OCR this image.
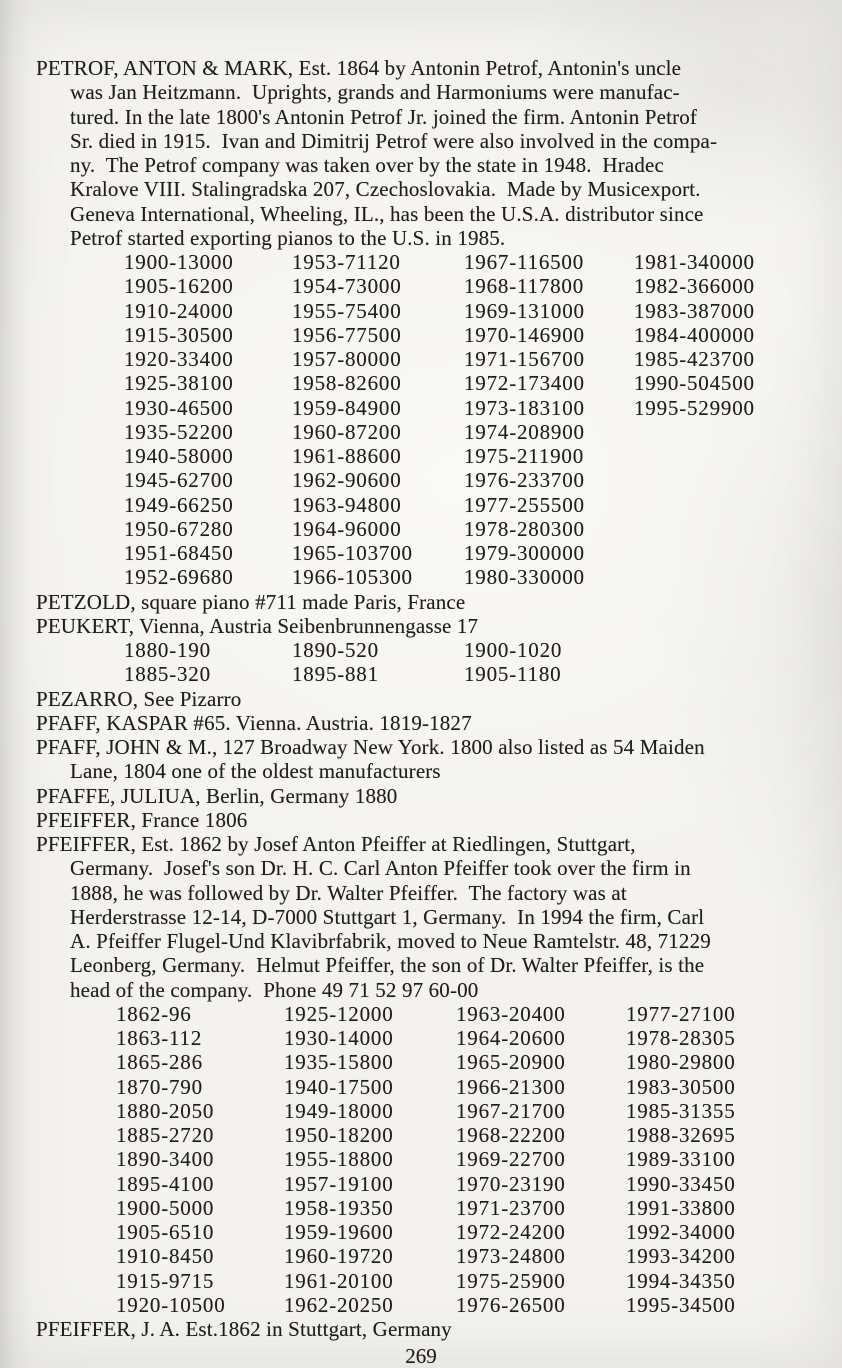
PETROF, ANTON & MARK, Est. 1864 by Antonin Petrof, Antonin's uncle
was Jan Heitzmann.  Uprights, grands and Harmoniums were manufac-
tured. In the late 1800's Antonin Petrof Jr. joined the firm. Antonin Petrof
Sr. died in 1915.  Ivan and Dimitrij Petrof were also involved in the compa-
ny.  The Petrof company was taken over by the state in 1948.  Hradec
Kralove VIII. Stalingradska 207, Czechoslovakia.  Made by Musicexport.
Geneva International, Wheeling, IL., has been the U.S.A. distributor since
Petrof started exporting pianos to the U.S. in 1985.
1900-13000	1953-71120	1967-116500	1981-340000
1905-16200	1954-73000	1968-117800	1982-366000
1910-24000	1955-75400	1969-131000	1983-387000
1915-30500	1956-77500	1970-146900	1984-400000
1920-33400	1957-80000	1971-156700	1985-423700
1925-38100	1958-82600	1972-173400	1990-504500
1930-46500	1959-84900	1973-183100	1995-529900
1935-52200	1960-87200	1974-208900
1940-58000	1961-88600	1975-211900
1945-62700	1962-90600	1976-233700
1949-66250	1963-94800	1977-255500
1950-67280	1964-96000	1978-280300
1951-68450	1965-103700	1979-300000
1952-69680	1966-105300	1980-330000
PETZOLD, square piano #711 made Paris, France
PEUKERT, Vienna, Austria Seibenbrunnengasse 17
1880-190	1890-520	1900-1020
1885-320	1895-881	1905-1180
PEZARRO, See Pizarro
PFAFF, KASPAR #65. Vienna. Austria. 1819-1827
PFAFF, JOHN & M., 127 Broadway New York. 1800 also listed as 54 Maiden
Lane, 1804 one of the oldest manufacturers
PFAFFE, JULIUA, Berlin, Germany 1880
PFEIFFER, France 1806
PFEIFFER, Est. 1862 by Josef Anton Pfeiffer at Riedlingen, Stuttgart,
Germany.  Josef's son Dr. H. C. Carl Anton Pfeiffer took over the firm in
1888, he was followed by Dr. Walter Pfeiffer.  The factory was at
Herderstrasse 12-14, D-7000 Stuttgart 1, Germany.  In 1994 the firm, Carl
A. Pfeiffer Flugel-Und Klavibrfabrik, moved to Neue Ramtelstr. 48, 71229
Leonberg, Germany.  Helmut Pfeiffer, the son of Dr. Walter Pfeiffer, is the
head of the company.  Phone 49 71 52 97 60-00
1862-96	1925-12000	1963-20400	1977-27100
1863-112	1930-14000	1964-20600	1978-28305
1865-286	1935-15800	1965-20900	1980-29800
1870-790	1940-17500	1966-21300	1983-30500
1880-2050	1949-18000	1967-21700	1985-31355
1885-2720	1950-18200	1968-22200	1988-32695
1890-3400	1955-18800	1969-22700	1989-33100
1895-4100	1957-19100	1970-23190	1990-33450
1900-5000	1958-19350	1971-23700	1991-33800
1905-6510	1959-19600	1972-24200	1992-34000
1910-8450	1960-19720	1973-24800	1993-34200
1915-9715	1961-20100	1975-25900	1994-34350
1920-10500	1962-20250	1976-26500	1995-34500
PFEIFFER, J. A. Est.1862 in Stuttgart, Germany
269
